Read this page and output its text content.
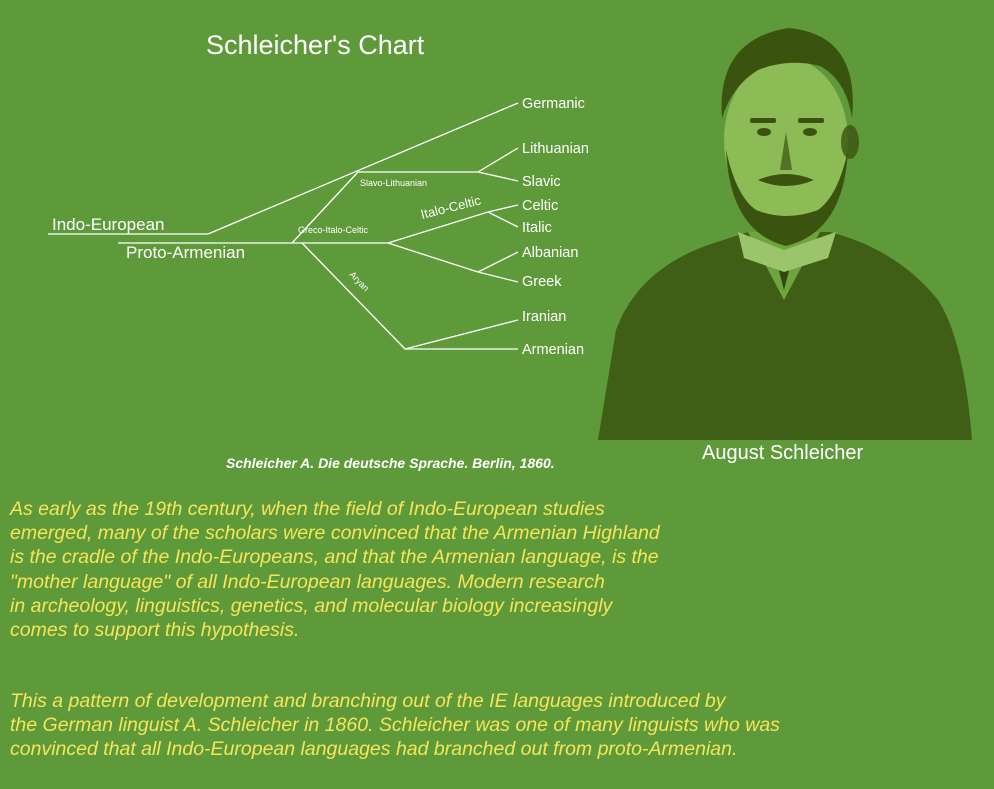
Schleicher's Chart
Indo-European
Proto-Armenian
Slavo-Lithuanian
Greco-Italo-Celtic
Italo-Celtic
Aryan
Germanic
Lithuanian
Slavic
Celtic
Italic
Albanian
Greek
Iranian
Armenian
Schleicher A. Die deutsche Sprache. Berlin, 1860.	August Schleicher

As early as the 19th century, when the field of Indo-European studies
emerged, many of the scholars were convinced that the Armenian Highland
is the cradle of the Indo-Europeans, and that the Armenian language, is the
"mother language" of all Indo-European languages. Modern research
in archeology, linguistics, genetics, and molecular biology increasingly
comes to support this hypothesis.

This a pattern of development and branching out of the IE languages introduced by
the German linguist A. Schleicher in 1860. Schleicher was one of many linguists who was
convinced that all Indo-European languages had branched out from proto-Armenian.
